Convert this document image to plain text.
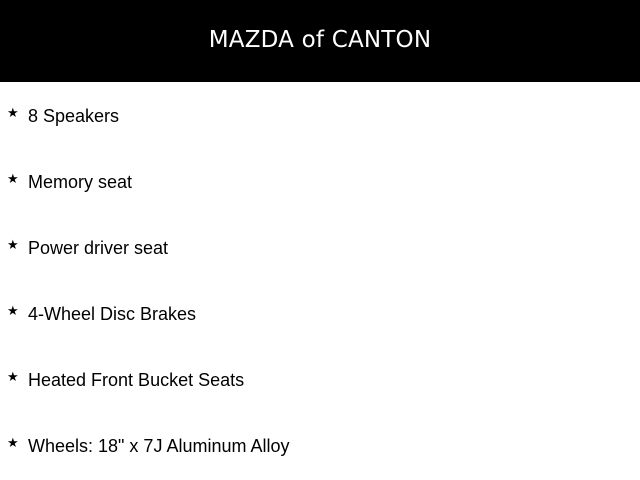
MAZDA of CANTON
★ 8 Speakers
★ Memory seat
★ Power driver seat
★ 4-Wheel Disc Brakes
★ Heated Front Bucket Seats
★ Wheels: 18" x 7J Aluminum Alloy
